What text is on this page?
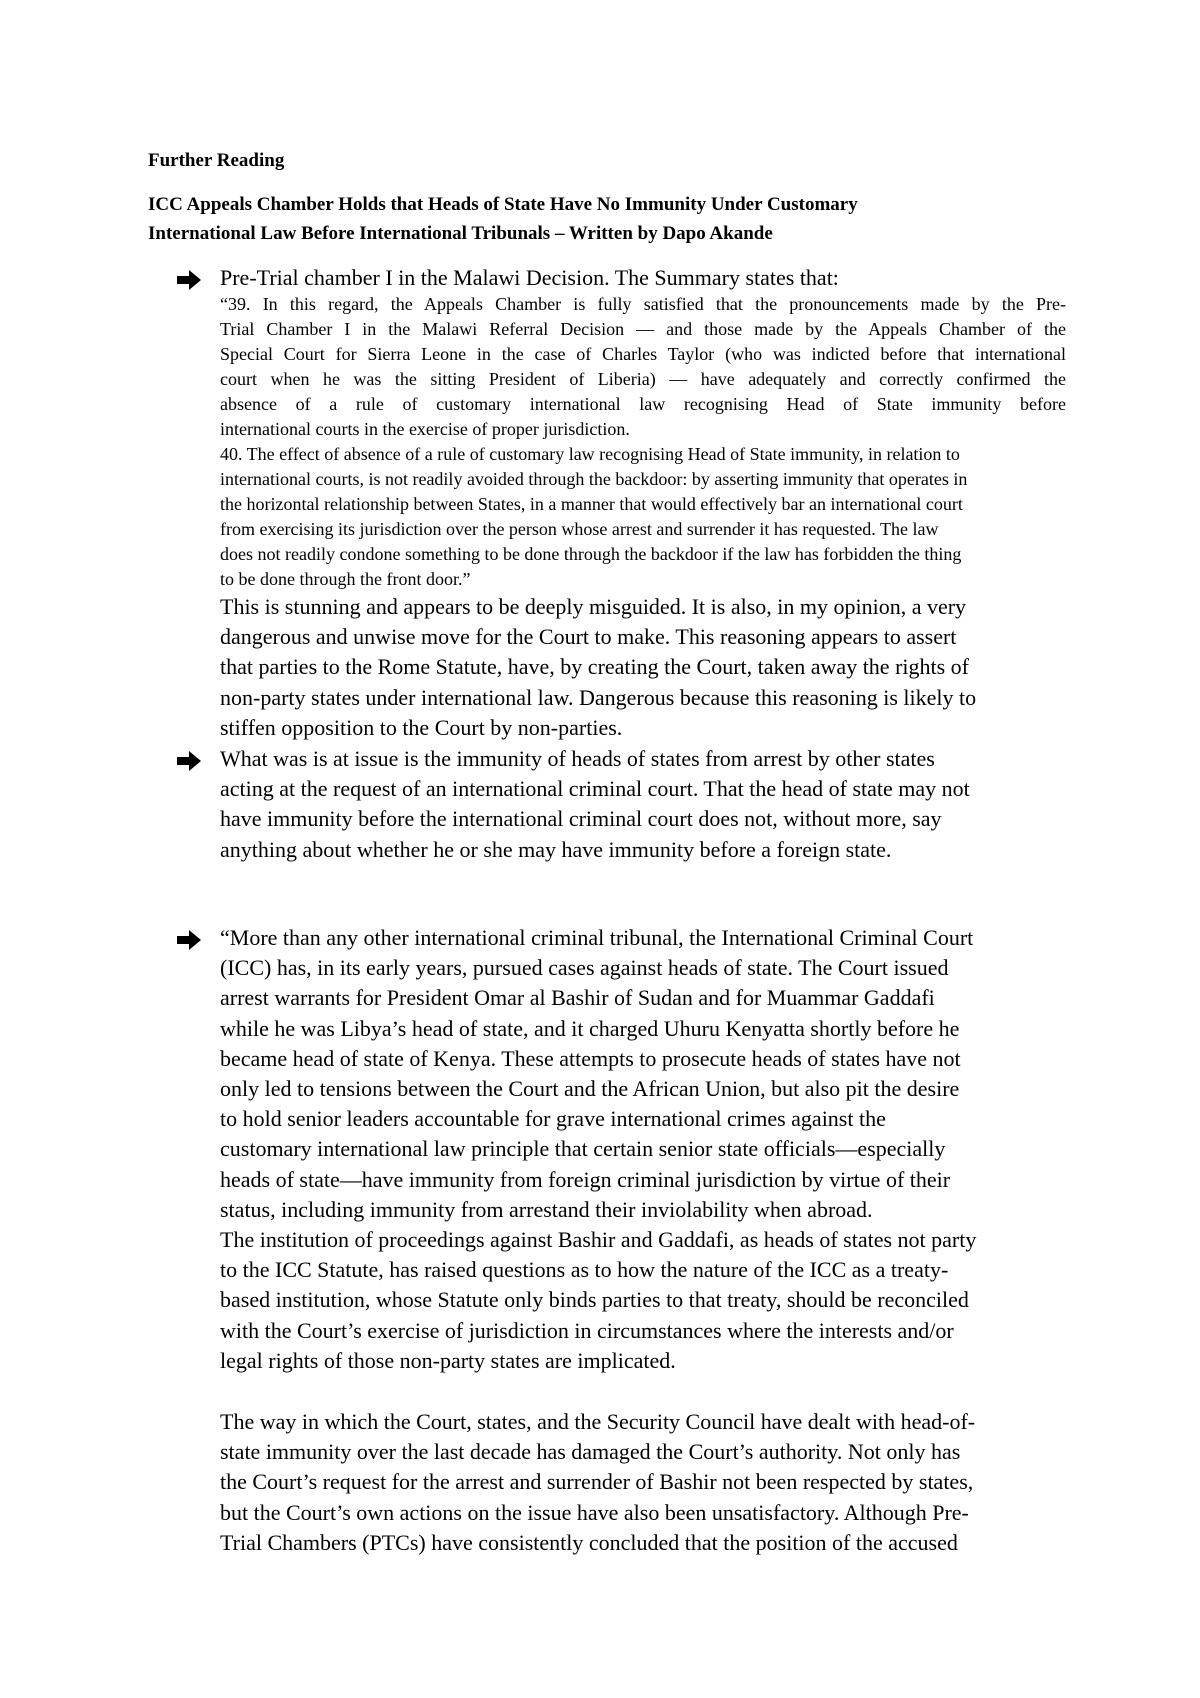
Further Reading
ICC Appeals Chamber Holds that Heads of State Have No Immunity Under Customary
International Law Before International Tribunals – Written by Dapo Akande
Pre-Trial chamber I in the Malawi Decision. The Summary states that:
“39. In this regard, the Appeals Chamber is fully satisfied that the pronouncements made by the Pre-
Trial Chamber I in the Malawi Referral Decision — and those made by the Appeals Chamber of the
Special Court for Sierra Leone in the case of Charles Taylor (who was indicted before that international
court when he was the sitting President of Liberia) — have adequately and correctly confirmed the
absence of a rule of customary international law recognising Head of State immunity before
international courts in the exercise of proper jurisdiction.
40. The effect of absence of a rule of customary law recognising Head of State immunity, in relation to
international courts, is not readily avoided through the backdoor: by asserting immunity that operates in
the horizontal relationship between States, in a manner that would effectively bar an international court
from exercising its jurisdiction over the person whose arrest and surrender it has requested. The law
does not readily condone something to be done through the backdoor if the law has forbidden the thing
to be done through the front door.”
This is stunning and appears to be deeply misguided. It is also, in my opinion, a very
dangerous and unwise move for the Court to make. This reasoning appears to assert
that parties to the Rome Statute, have, by creating the Court, taken away the rights of
non-party states under international law. Dangerous because this reasoning is likely to
stiffen opposition to the Court by non-parties.
What was is at issue is the immunity of heads of states from arrest by other states
acting at the request of an international criminal court. That the head of state may not
have immunity before the international criminal court does not, without more, say
anything about whether he or she may have immunity before a foreign state.
“More than any other international criminal tribunal, the International Criminal Court
(ICC) has, in its early years, pursued cases against heads of state. The Court issued
arrest warrants for President Omar al Bashir of Sudan and for Muammar Gaddafi
while he was Libya’s head of state, and it charged Uhuru Kenyatta shortly before he
became head of state of Kenya. These attempts to prosecute heads of states have not
only led to tensions between the Court and the African Union, but also pit the desire
to hold senior leaders accountable for grave international crimes against the
customary international law principle that certain senior state officials—especially
heads of state—have immunity from foreign criminal jurisdiction by virtue of their
status, including immunity from arrestand their inviolability when abroad.
The institution of proceedings against Bashir and Gaddafi, as heads of states not party
to the ICC Statute, has raised questions as to how the nature of the ICC as a treaty-
based institution, whose Statute only binds parties to that treaty, should be reconciled
with the Court’s exercise of jurisdiction in circumstances where the interests and/or
legal rights of those non-party states are implicated.
The way in which the Court, states, and the Security Council have dealt with head-of-
state immunity over the last decade has damaged the Court’s authority. Not only has
the Court’s request for the arrest and surrender of Bashir not been respected by states,
but the Court’s own actions on the issue have also been unsatisfactory. Although Pre-
Trial Chambers (PTCs) have consistently concluded that the position of the accused
